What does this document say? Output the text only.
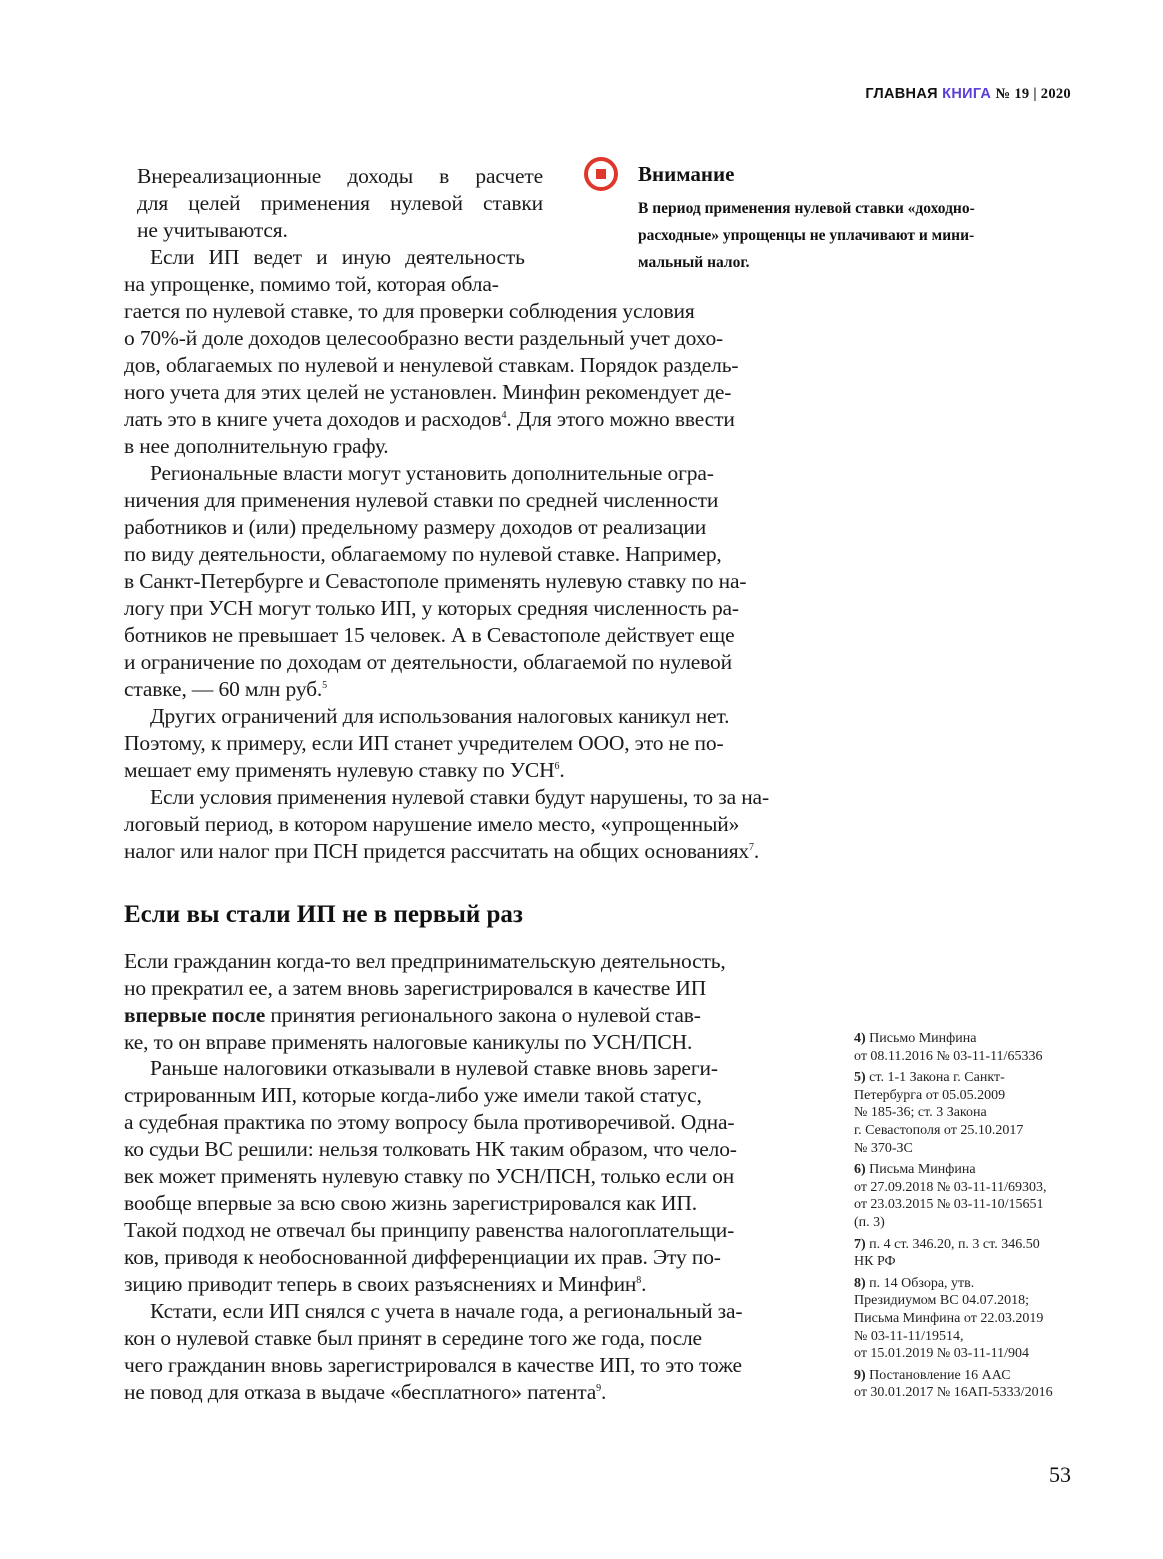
ГЛАВНАЯ КНИГА № 19 | 2020
Внимание
В период применения нулевой ставки «доходно-
расходные» упрощенцы не уплачивают и мини-
мальный налог.
Внереализационные доходы в расчете
для целей применения нулевой ставки
не учитываются.
Если ИП ведет и иную деятельность
на упрощенке, помимо той, которая обла-
гается по нулевой ставке, то для проверки соблюдения условия
о 70%-й доле доходов целесообразно вести раздельный учет дохо-
дов, облагаемых по нулевой и ненулевой ставкам. Порядок раздель-
ного учета для этих целей не установлен. Минфин рекомендует де-
лать это в книге учета доходов и расходов$^4$. Для этого можно ввести
в нее дополнительную графу.
Региональные власти могут установить дополнительные огра-
ничения для применения нулевой ставки по средней численности
работников и (или) предельному размеру доходов от реализации
по виду деятельности, облагаемому по нулевой ставке. Например,
в Санкт-Петербурге и Севастополе применять нулевую ставку по на-
логу при УСН могут только ИП, у которых средняя численность ра-
ботников не превышает 15 человек. А в Севастополе действует еще
и ограничение по доходам от деятельности, облагаемой по нулевой
ставке, — 60 млн руб.$^5$
Других ограничений для использования налоговых каникул нет.
Поэтому, к примеру, если ИП станет учредителем ООО, это не по-
мешает ему применять нулевую ставку по УСН$^6$.
Если условия применения нулевой ставки будут нарушены, то за на-
логовый период, в котором нарушение имело место, «упрощенный»
налог или налог при ПСН придется рассчитать на общих основаниях$^7$.
Если вы стали ИП не в первый раз
Если гражданин когда-то вел предпринимательскую деятельность,
но прекратил ее, а затем вновь зарегистрировался в качестве ИП
впервые после принятия регионального закона о нулевой став-
ке, то он вправе применять налоговые каникулы по УСН/ПСН.
Раньше налоговики отказывали в нулевой ставке вновь зареги-
стрированным ИП, которые когда-либо уже имели такой статус,
а судебная практика по этому вопросу была противоречивой. Одна-
ко судьи ВС решили: нельзя толковать НК таким образом, что чело-
век может применять нулевую ставку по УСН/ПСН, только если он
вообще впервые за всю свою жизнь зарегистрировался как ИП.
Такой подход не отвечал бы принципу равенства налогоплательщи-
ков, приводя к необоснованной дифференциации их прав. Эту по-
зицию приводит теперь в своих разъяснениях и Минфин$^8$.
Кстати, если ИП снялся с учета в начале года, а региональный за-
кон о нулевой ставке был принят в середине того же года, после
чего гражданин вновь зарегистрировался в качестве ИП, то это тоже
не повод для отказа в выдаче «бесплатного» патента$^9$.
4) Письмо Минфина
от 08.11.2016 № 03-11-11/65336
5) ст. 1-1 Закона г. Санкт-
Петербурга от 05.05.2009
№ 185-36; ст. 3 Закона
г. Севастополя от 25.10.2017
№ 370-ЗС
6) Письма Минфина
от 27.09.2018 № 03-11-11/69303,
от 23.03.2015 № 03-11-10/15651
(п. 3)
7) п. 4 ст. 346.20, п. 3 ст. 346.50
НК РФ
8) п. 14 Обзора, утв.
Президиумом ВС 04.07.2018;
Письма Минфина от 22.03.2019
№ 03-11-11/19514,
от 15.01.2019 № 03-11-11/904
9) Постановление 16 ААС
от 30.01.2017 № 16АП-5333/2016
53
